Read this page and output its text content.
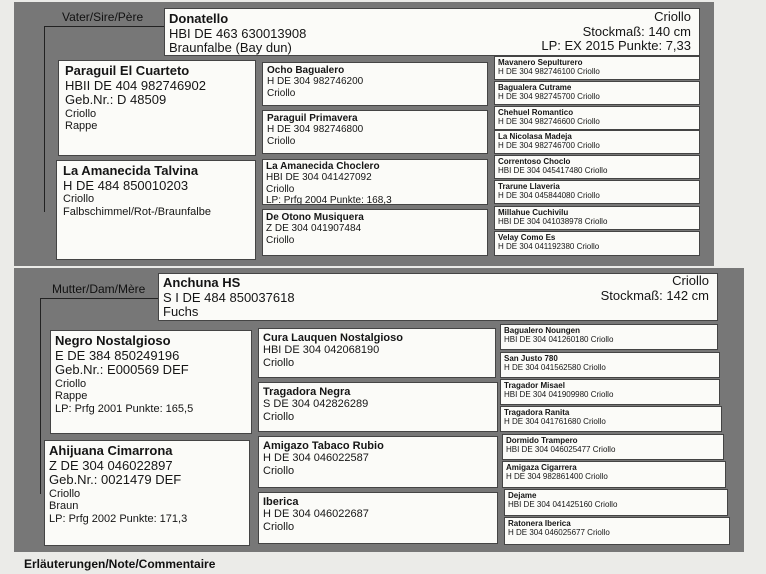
Vater/Sire/Père Donatello
HBI DE 463 630013908
Braunfalbe (Bay dun)
Criollo
Stockmaß: 140 cm
LP: EX 2015 Punkte: 7,33
Paraguil El Cuarteto
HBII DE 404 982746902
Geb.Nr.: D 48509
Criollo
Rappe
La Amanecida Talvina
H DE 484 850010203
Criollo
Falbschimmel/Rot-/Braunfalbe
Ocho Bagualero
H DE 304 982746200
Criollo
Paraguil Primavera
H DE 304 982746800
Criollo
La Amanecida Choclero
HBI DE 304 041427092
Criollo
LP: Prfg 2004 Punkte: 168,3
De Otono Musiquera
Z DE 304 041907484
Criollo
Mavanero Sepulturero
H DE 304 982746100 Criollo
Bagualera Cutrame
H DE 304 982745700 Criollo
Chehuel Romantico
H DE 304 982746600 Criollo
La Nicolasa Madeja
H DE 304 982746700 Criollo
Correntoso Choclo
HBI DE 304 045417480 Criollo
Trarune Llaveria
H DE 304 045844080 Criollo
Millahue Cuchivilu
HBI DE 304 041038978 Criollo
Velay Como Es
H DE 304 041192380 Criollo
Mutter/Dam/Mère Anchuna HS
S I DE 484 850037618
Fuchs
Criollo
Stockmaß: 142 cm
Negro Nostalgioso
E DE 384 850249196
Geb.Nr.: E000569 DEF
Criollo
Rappe
LP: Prfg 2001 Punkte: 165,5
Ahijuana Cimarrona
Z DE 304 046022897
Geb.Nr.: 0021479 DEF
Criollo
Braun
LP: Prfg 2002 Punkte: 171,3
Cura Lauquen Nostalgioso
HBI DE 304 042068190
Criollo
Tragadora Negra
S DE 304 042826289
Criollo
Amigazo Tabaco Rubio
H DE 304 046022587
Criollo
Iberica
H DE 304 046022687
Criollo
Bagualero Noungen
HBI DE 304 041260180 Criollo
San Justo 780
H DE 304 041562580 Criollo
Tragador Misael
HBI DE 304 041909980 Criollo
Tragadora Ranita
H DE 304 041761680 Criollo
Dormido Trampero
HBI DE 304 046025477 Criollo
Amigaza Cigarrera
H DE 304 982861400 Criollo
Dejame
HBI DE 304 041425160 Criollo
Ratonera Iberica
H DE 304 046025677 Criollo
Erläuterungen/Note/Commentaire
